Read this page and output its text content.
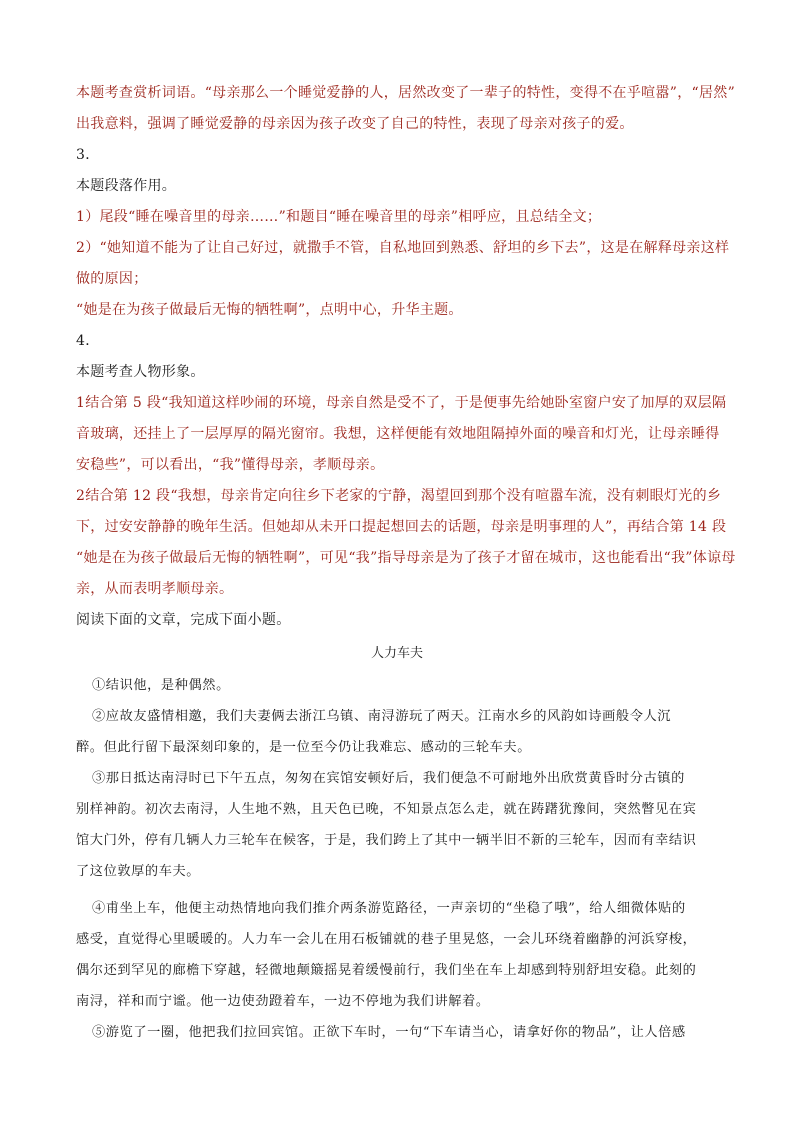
本题考查赏析词语。“母亲那么一个睡觉爱静的人，居然改变了一辈子的特性，变得不在乎喧嚣”，“居然”
出我意料，强调了睡觉爱静的母亲因为孩子改变了自己的特性，表现了母亲对孩子的爱。
3．
本题段落作用。
1）尾段“睡在噪音里的母亲……”和题目“睡在噪音里的母亲”相呼应，且总结全文；
2）“她知道不能为了让自己好过，就撒手不管，自私地回到熟悉、舒坦的乡下去”，这是在解释母亲这样
做的原因；
“她是在为孩子做最后无悔的牺牲啊”，点明中心，升华主题。
4．
本题考查人物形象。
1结合第 5 段“我知道这样吵闹的环境，母亲自然是受不了，于是便事先给她卧室窗户安了加厚的双层隔
音玻璃，还挂上了一层厚厚的隔光窗帘。我想，这样便能有效地阻隔掉外面的噪音和灯光，让母亲睡得
安稳些”，可以看出，“我”懂得母亲，孝顺母亲。
2结合第 12 段“我想，母亲肯定向往乡下老家的宁静，渴望回到那个没有喧嚣车流，没有刺眼灯光的乡
下，过安安静静的晚年生活。但她却从未开口提起想回去的话题，母亲是明事理的人”，再结合第 14 段
“她是在为孩子做最后无悔的牺牲啊”，可见“我”指导母亲是为了孩子才留在城市，这也能看出“我”体谅母
亲，从而表明孝顺母亲。
阅读下面的文章，完成下面小题。
人力车夫
①结识他，是种偶然。
②应故友盛情相邀，我们夫妻俩去浙江乌镇、南浔游玩了两天。江南水乡的风韵如诗画般令人沉
醉。但此行留下最深刻印象的，是一位至今仍让我难忘、感动的三轮车夫。
③那日抵达南浔时已下午五点，匆匆在宾馆安顿好后，我们便急不可耐地外出欣赏黄昏时分古镇的
别样神韵。初次去南浔，人生地不熟，且天色已晚，不知景点怎么走，就在踌躇犹豫间，突然瞥见在宾
馆大门外，停有几辆人力三轮车在候客，于是，我们跨上了其中一辆半旧不新的三轮车，因而有幸结识
了这位敦厚的车夫。
④甫坐上车，他便主动热情地向我们推介两条游览路径，一声亲切的“坐稳了哦”，给人细微体贴的
感受，直觉得心里暖暖的。人力车一会儿在用石板铺就的巷子里晃悠，一会儿环绕着幽静的河浜穿梭，
偶尔还到罕见的廊檐下穿越，轻微地颠簸摇晃着缓慢前行，我们坐在车上却感到特别舒坦安稳。此刻的
南浔，祥和而宁谧。他一边使劲蹬着车，一边不停地为我们讲解着。
⑤游览了一圈，他把我们拉回宾馆。正欲下车时，一句“下车请当心，请拿好你的物品”，让人倍感
